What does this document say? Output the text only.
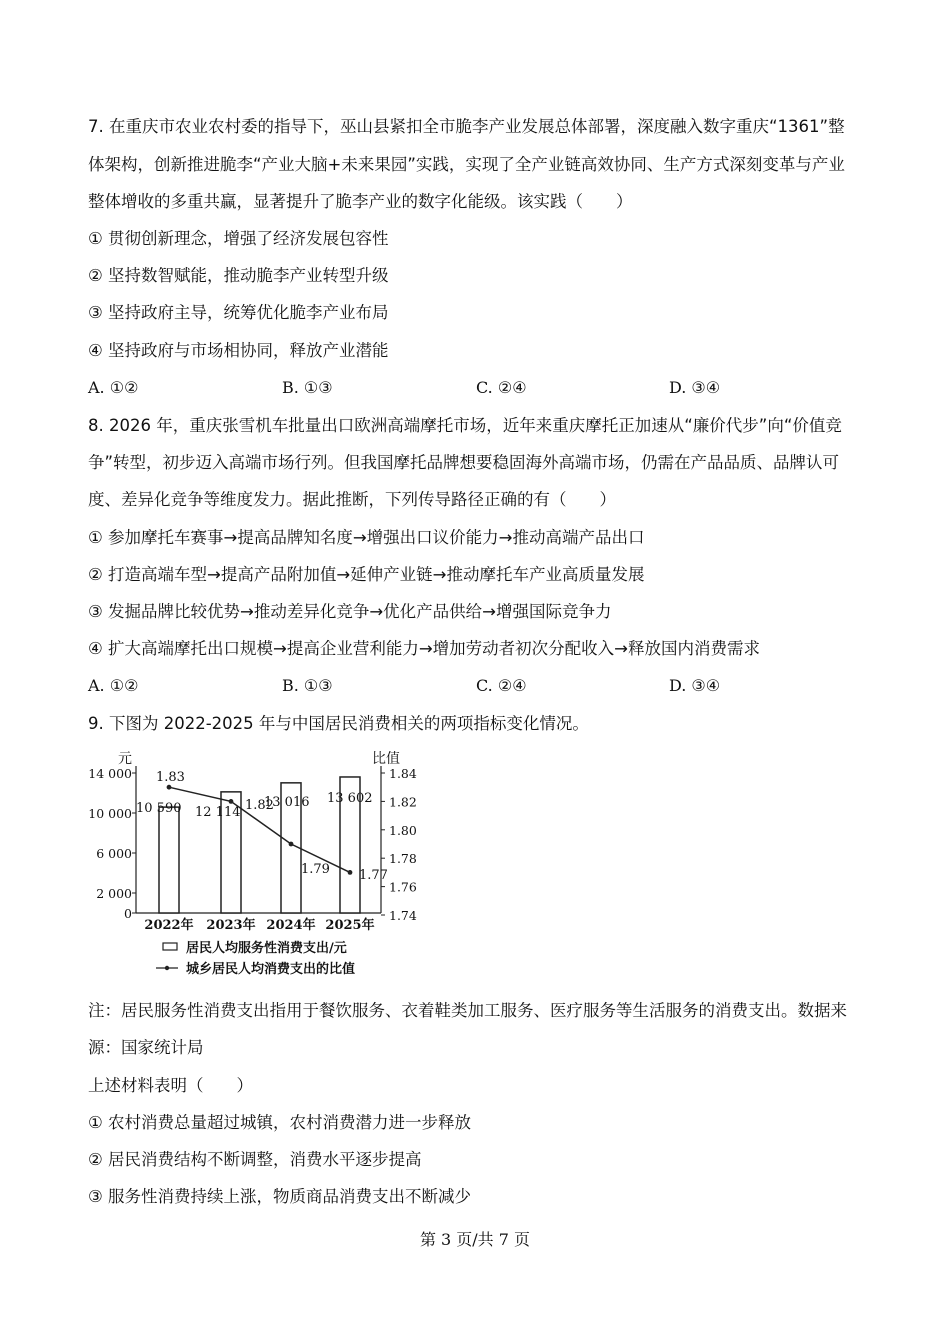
7. 在重庆市农业农村委的指导下，巫山县紧扣全市脆李产业发展总体部署，深度融入数字重庆“1361”整
体架构，创新推进脆李“产业大脑+未来果园”实践，实现了全产业链高效协同、生产方式深刻变革与产业
整体增收的多重共赢，显著提升了脆李产业的数字化能级。该实践（　　）
① 贯彻创新理念，增强了经济发展包容性
② 坚持数智赋能，推动脆李产业转型升级
③ 坚持政府主导，统筹优化脆李产业布局
④ 坚持政府与市场相协同，释放产业潜能
A. ①②	B. ①③	C. ②④	D. ③④
8. 2026 年，重庆张雪机车批量出口欧洲高端摩托市场，近年来重庆摩托正加速从“廉价代步”向“价值竞
争”转型，初步迈入高端市场行列。但我国摩托品牌想要稳固海外高端市场，仍需在产品品质、品牌认可
度、差异化竞争等维度发力。据此推断，下列传导路径正确的有（　　）
① 参加摩托车赛事→提高品牌知名度→增强出口议价能力→推动高端产品出口
② 打造高端车型→提高产品附加值→延伸产业链→推动摩托车产业高质量发展
③ 发掘品牌比较优势→推动差异化竞争→优化产品供给→增强国际竞争力
④ 扩大高端摩托出口规模→提高企业营利能力→增加劳动者初次分配收入→释放国内消费需求
A. ①②	B. ①③	C. ②④	D. ③④
9. 下图为 2022-2025 年与中国居民消费相关的两项指标变化情况。
元	比值
14 000
10 000
6 000
2 000
0
1.84
1.82
1.80
1.78
1.76
1.74
10 590 12 114
13 016 13 602
2022年 2023年 2024年 2025年
1.83
1.82
1.79 1.77
居民人均服务性消费支出/元
城乡居民人均消费支出的比值
注：居民服务性消费支出指用于餐饮服务、衣着鞋类加工服务、医疗服务等生活服务的消费支出。数据来
源：国家统计局
上述材料表明（　　）
① 农村消费总量超过城镇，农村消费潜力进一步释放
② 居民消费结构不断调整，消费水平逐步提高
③ 服务性消费持续上涨，物质商品消费支出不断减少
第 3 页/共 7 页
